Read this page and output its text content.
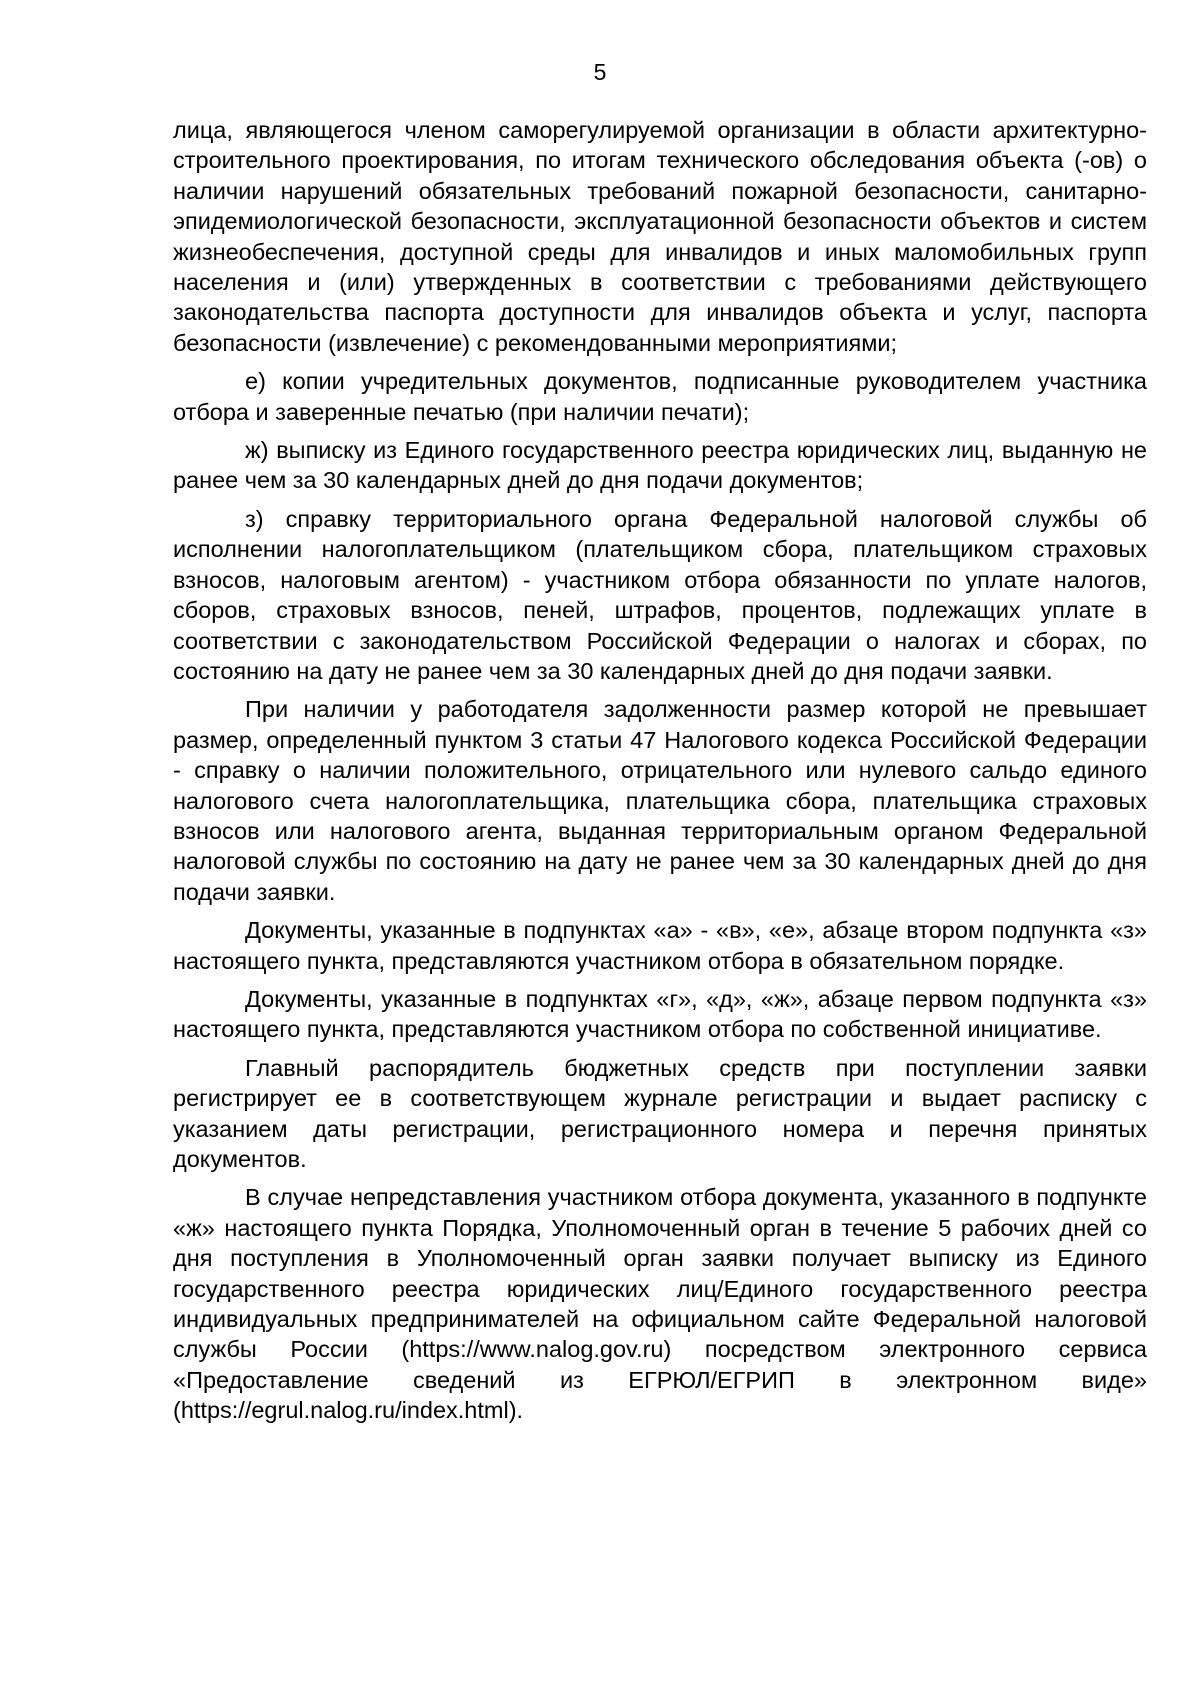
5

лица, являющегося членом саморегулируемой организации в области архитектурно-строительного проектирования, по итогам технического обследования объекта (-ов) о наличии нарушений обязательных требований пожарной безопасности, санитарно-эпидемиологической безопасности, эксплуатационной безопасности объектов и систем жизнеобеспечения, доступной среды для инвалидов и иных маломобильных групп населения и (или) утвержденных в соответствии с требованиями действующего законодательства паспорта доступности для инвалидов объекта и услуг, паспорта безопасности (извлечение) с рекомендованными мероприятиями;

е) копии учредительных документов, подписанные руководителем участника отбора и заверенные печатью (при наличии печати);

ж) выписку из Единого государственного реестра юридических лиц, выданную не ранее чем за 30 календарных дней до дня подачи документов;

з) справку территориального органа Федеральной налоговой службы об исполнении налогоплательщиком (плательщиком сбора, плательщиком страховых взносов, налоговым агентом) - участником отбора обязанности по уплате налогов, сборов, страховых взносов, пеней, штрафов, процентов, подлежащих уплате в соответствии с законодательством Российской Федерации о налогах и сборах, по состоянию на дату не ранее чем за 30 календарных дней до дня подачи заявки.

При наличии у работодателя задолженности размер которой не превышает размер, определенный пунктом 3 статьи 47 Налогового кодекса Российской Федерации - справку о наличии положительного, отрицательного или нулевого сальдо единого налогового счета налогоплательщика, плательщика сбора, плательщика страховых взносов или налогового агента, выданная территориальным органом Федеральной налоговой службы по состоянию на дату не ранее чем за 30 календарных дней до дня подачи заявки.

Документы, указанные в подпунктах «а» - «в», «е», абзаце втором подпункта «з» настоящего пункта, представляются участником отбора в обязательном порядке.

Документы, указанные в подпунктах «г», «д», «ж», абзаце первом подпункта «з» настоящего пункта, представляются участником отбора по собственной инициативе.

Главный распорядитель бюджетных средств при поступлении заявки регистрирует ее в соответствующем журнале регистрации и выдает расписку с указанием даты регистрации, регистрационного номера и перечня принятых документов.

В случае непредставления участником отбора документа, указанного в подпункте «ж» настоящего пункта Порядка, Уполномоченный орган в течение 5 рабочих дней со дня поступления в Уполномоченный орган заявки получает выписку из Единого государственного реестра юридических лиц/Единого государственного реестра индивидуальных предпринимателей на официальном сайте Федеральной налоговой службы России (https://www.nalog.gov.ru) посредством электронного сервиса «Предоставление сведений из ЕГРЮЛ/ЕГРИП в электронном виде» (https://egrul.nalog.ru/index.html).
